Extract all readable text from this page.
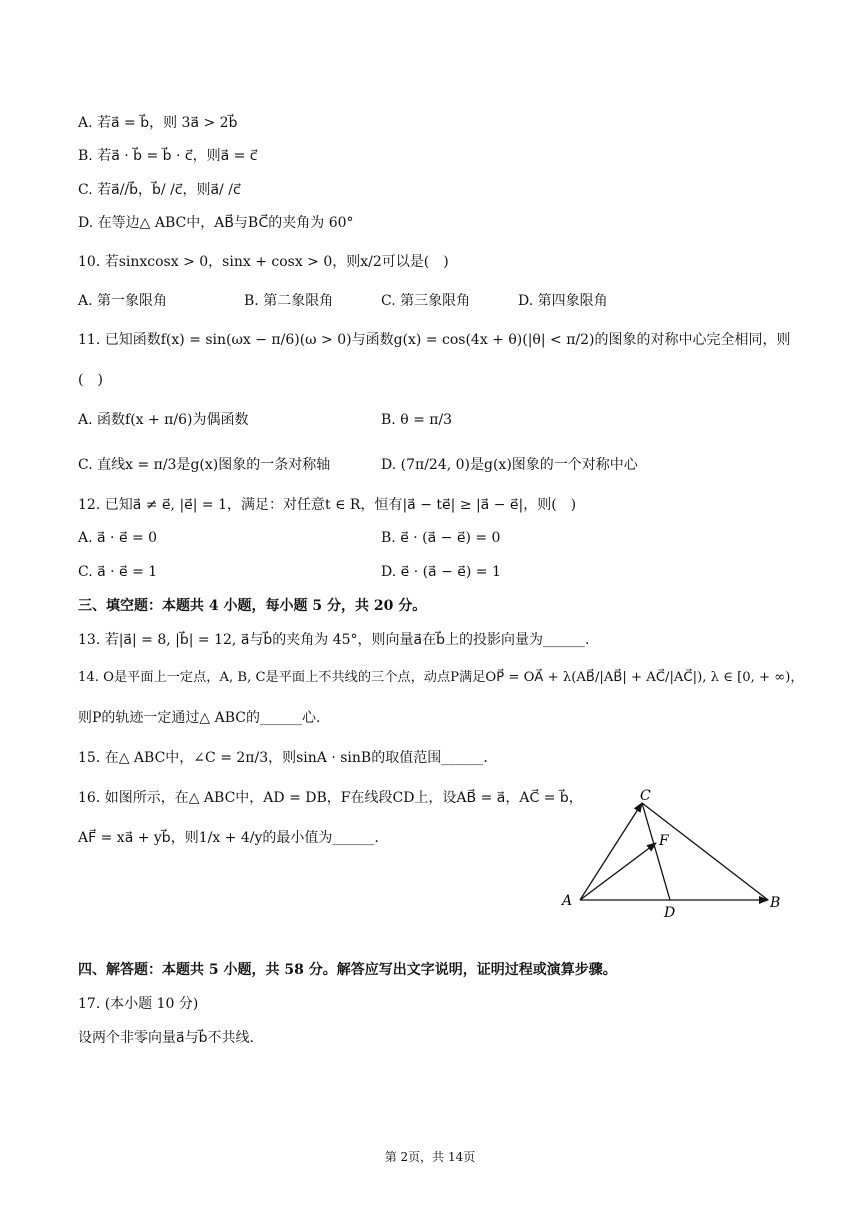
A. 若a⃗ = b⃗，则 3a⃗ > 2b⃗
B. 若a⃗ · b⃗ = b⃗ · c⃗，则a⃗ = c⃗
C. 若a⃗//b⃗，b⃗/ /c⃗，则a⃗/ /c⃗
D. 在等边△ ABC中，AB⃗与BC⃗的夹角为 60°
10. 若sinxcosx > 0，sinx + cosx > 0，则x/2可以是(　)
A. 第一象限角	B. 第二象限角	C. 第三象限角	D. 第四象限角
11. 已知函数f(x) = sin(ωx − π/6)(ω > 0)与函数g(x) = cos(4x + θ)(|θ| < π/2)的图象的对称中心完全相同，则
(　)
A. 函数f(x + π/6)为偶函数	B. θ = π/3
C. 直线x = π/3是g(x)图象的一条对称轴	D. (7π/24, 0)是g(x)图象的一个对称中心
12. 已知a⃗ ≠ e⃗, |e⃗| = 1，满足：对任意t ∈ R，恒有|a⃗ − te⃗| ≥ |a⃗ − e⃗|，则(　)
A. a⃗ · e⃗ = 0	B. e⃗ · (a⃗ − e⃗) = 0
C. a⃗ · e⃗ = 1	D. e⃗ · (a⃗ − e⃗) = 1
三、填空题：本题共 4 小题，每小题 5 分，共 20 分。
13. 若|a⃗| = 8, |b⃗| = 12, a⃗与b⃗的夹角为 45°，则向量a⃗在b⃗上的投影向量为______.
14. O是平面上一定点，A, B, C是平面上不共线的三个点，动点P满足OP⃗ = OA⃗ + λ(AB⃗/|AB⃗| + AC⃗/|AC⃗|), λ ∈ [0, + ∞)，
则P的轨迹一定通过△ ABC的______心.
15. 在△ ABC中，∠C = 2π/3，则sinA · sinB的取值范围______.
16. 如图所示，在△ ABC中，AD = DB，F在线段CD上，设AB⃗ = a⃗，AC⃗ = b⃗，
AF⃗ = xa⃗ + yb⃗，则1/x + 4/y的最小值为______.
C
F
A
D
B
四、解答题：本题共 5 小题，共 58 分。解答应写出文字说明，证明过程或演算步骤。
17. (本小题 10 分)
设两个非零向量a⃗与b⃗不共线.
第 2页，共 14页
